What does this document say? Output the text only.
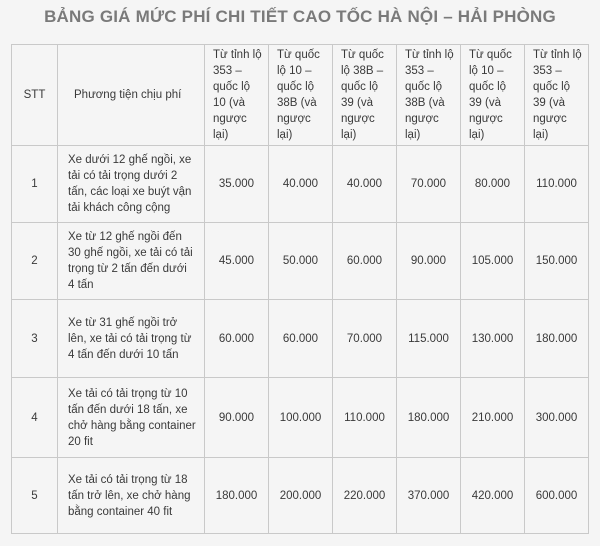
BẢNG GIÁ MỨC PHÍ CHI TIẾT CAO TỐC HÀ NỘI – HẢI PHÒNG
STT	Phương tiện chịu phí	Từ tỉnh lộ 353 – quốc lộ 10 (và ngược lại)	Từ quốc lộ 10 – quốc lộ 38B (và ngược lại)	Từ quốc lộ 38B – quốc lộ 39 (và ngược lại)	Từ tỉnh lộ 353 – quốc lộ 38B (và ngược lại)	Từ quốc lộ 10 – quốc lộ 39 (và ngược lại)	Từ tỉnh lộ 353 – quốc lộ 39 (và ngược lại)
1	Xe dưới 12 ghế ngồi, xe tải có tải trọng dưới 2 tấn, các loại xe buýt vận tải khách công cộng	35.000	40.000	40.000	70.000	80.000	110.000
2	Xe từ 12 ghế ngồi đến 30 ghế ngồi, xe tải có tải trọng từ 2 tấn đến dưới 4 tấn	45.000	50.000	60.000	90.000	105.000	150.000
3	Xe từ 31 ghế ngồi trở lên, xe tải có tải trọng từ 4 tấn đến dưới 10 tấn	60.000	60.000	70.000	115.000	130.000	180.000
4	Xe tải có tải trọng từ 10 tấn đến dưới 18 tấn, xe chở hàng bằng container 20 fit	90.000	100.000	110.000	180.000	210.000	300.000
5	Xe tải có tải trọng từ 18 tấn trở lên, xe chở hàng bằng container 40 fit	180.000	200.000	220.000	370.000	420.000	600.000
